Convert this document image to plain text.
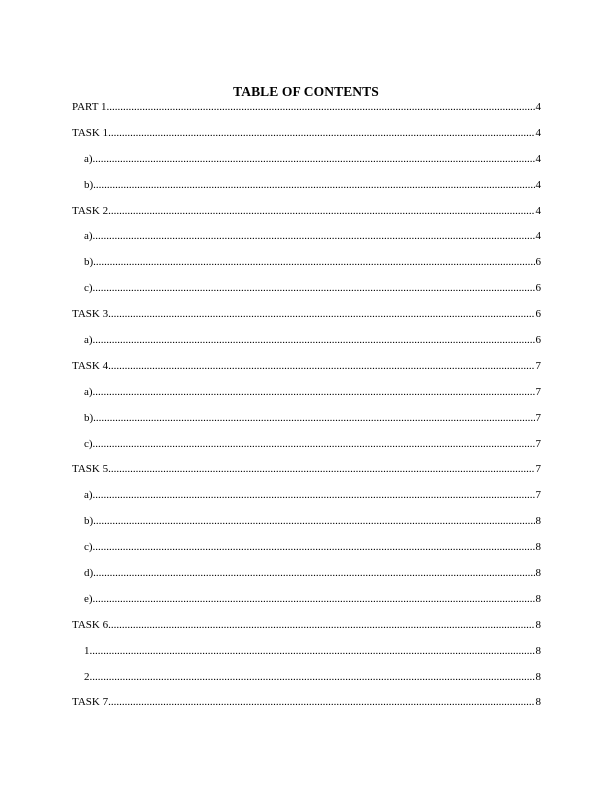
TABLE OF CONTENTS
PART 1 .....	4
TASK 1 .....	4
a) .....	4
b) .....	4
TASK 2 .....	4
a) .....	4
b) .....	6
c) .....	6
TASK 3 .....	6
a) .....	6
TASK 4 .....	7
a) .....	7
b) .....	7
c) .....	7
TASK 5 .....	7
a) .....	7
b) .....	8
c) .....	8
d) .....	8
e) .....	8
TASK 6 .....	8
1. .....	8
2. .....	8
TASK 7 .....	8
